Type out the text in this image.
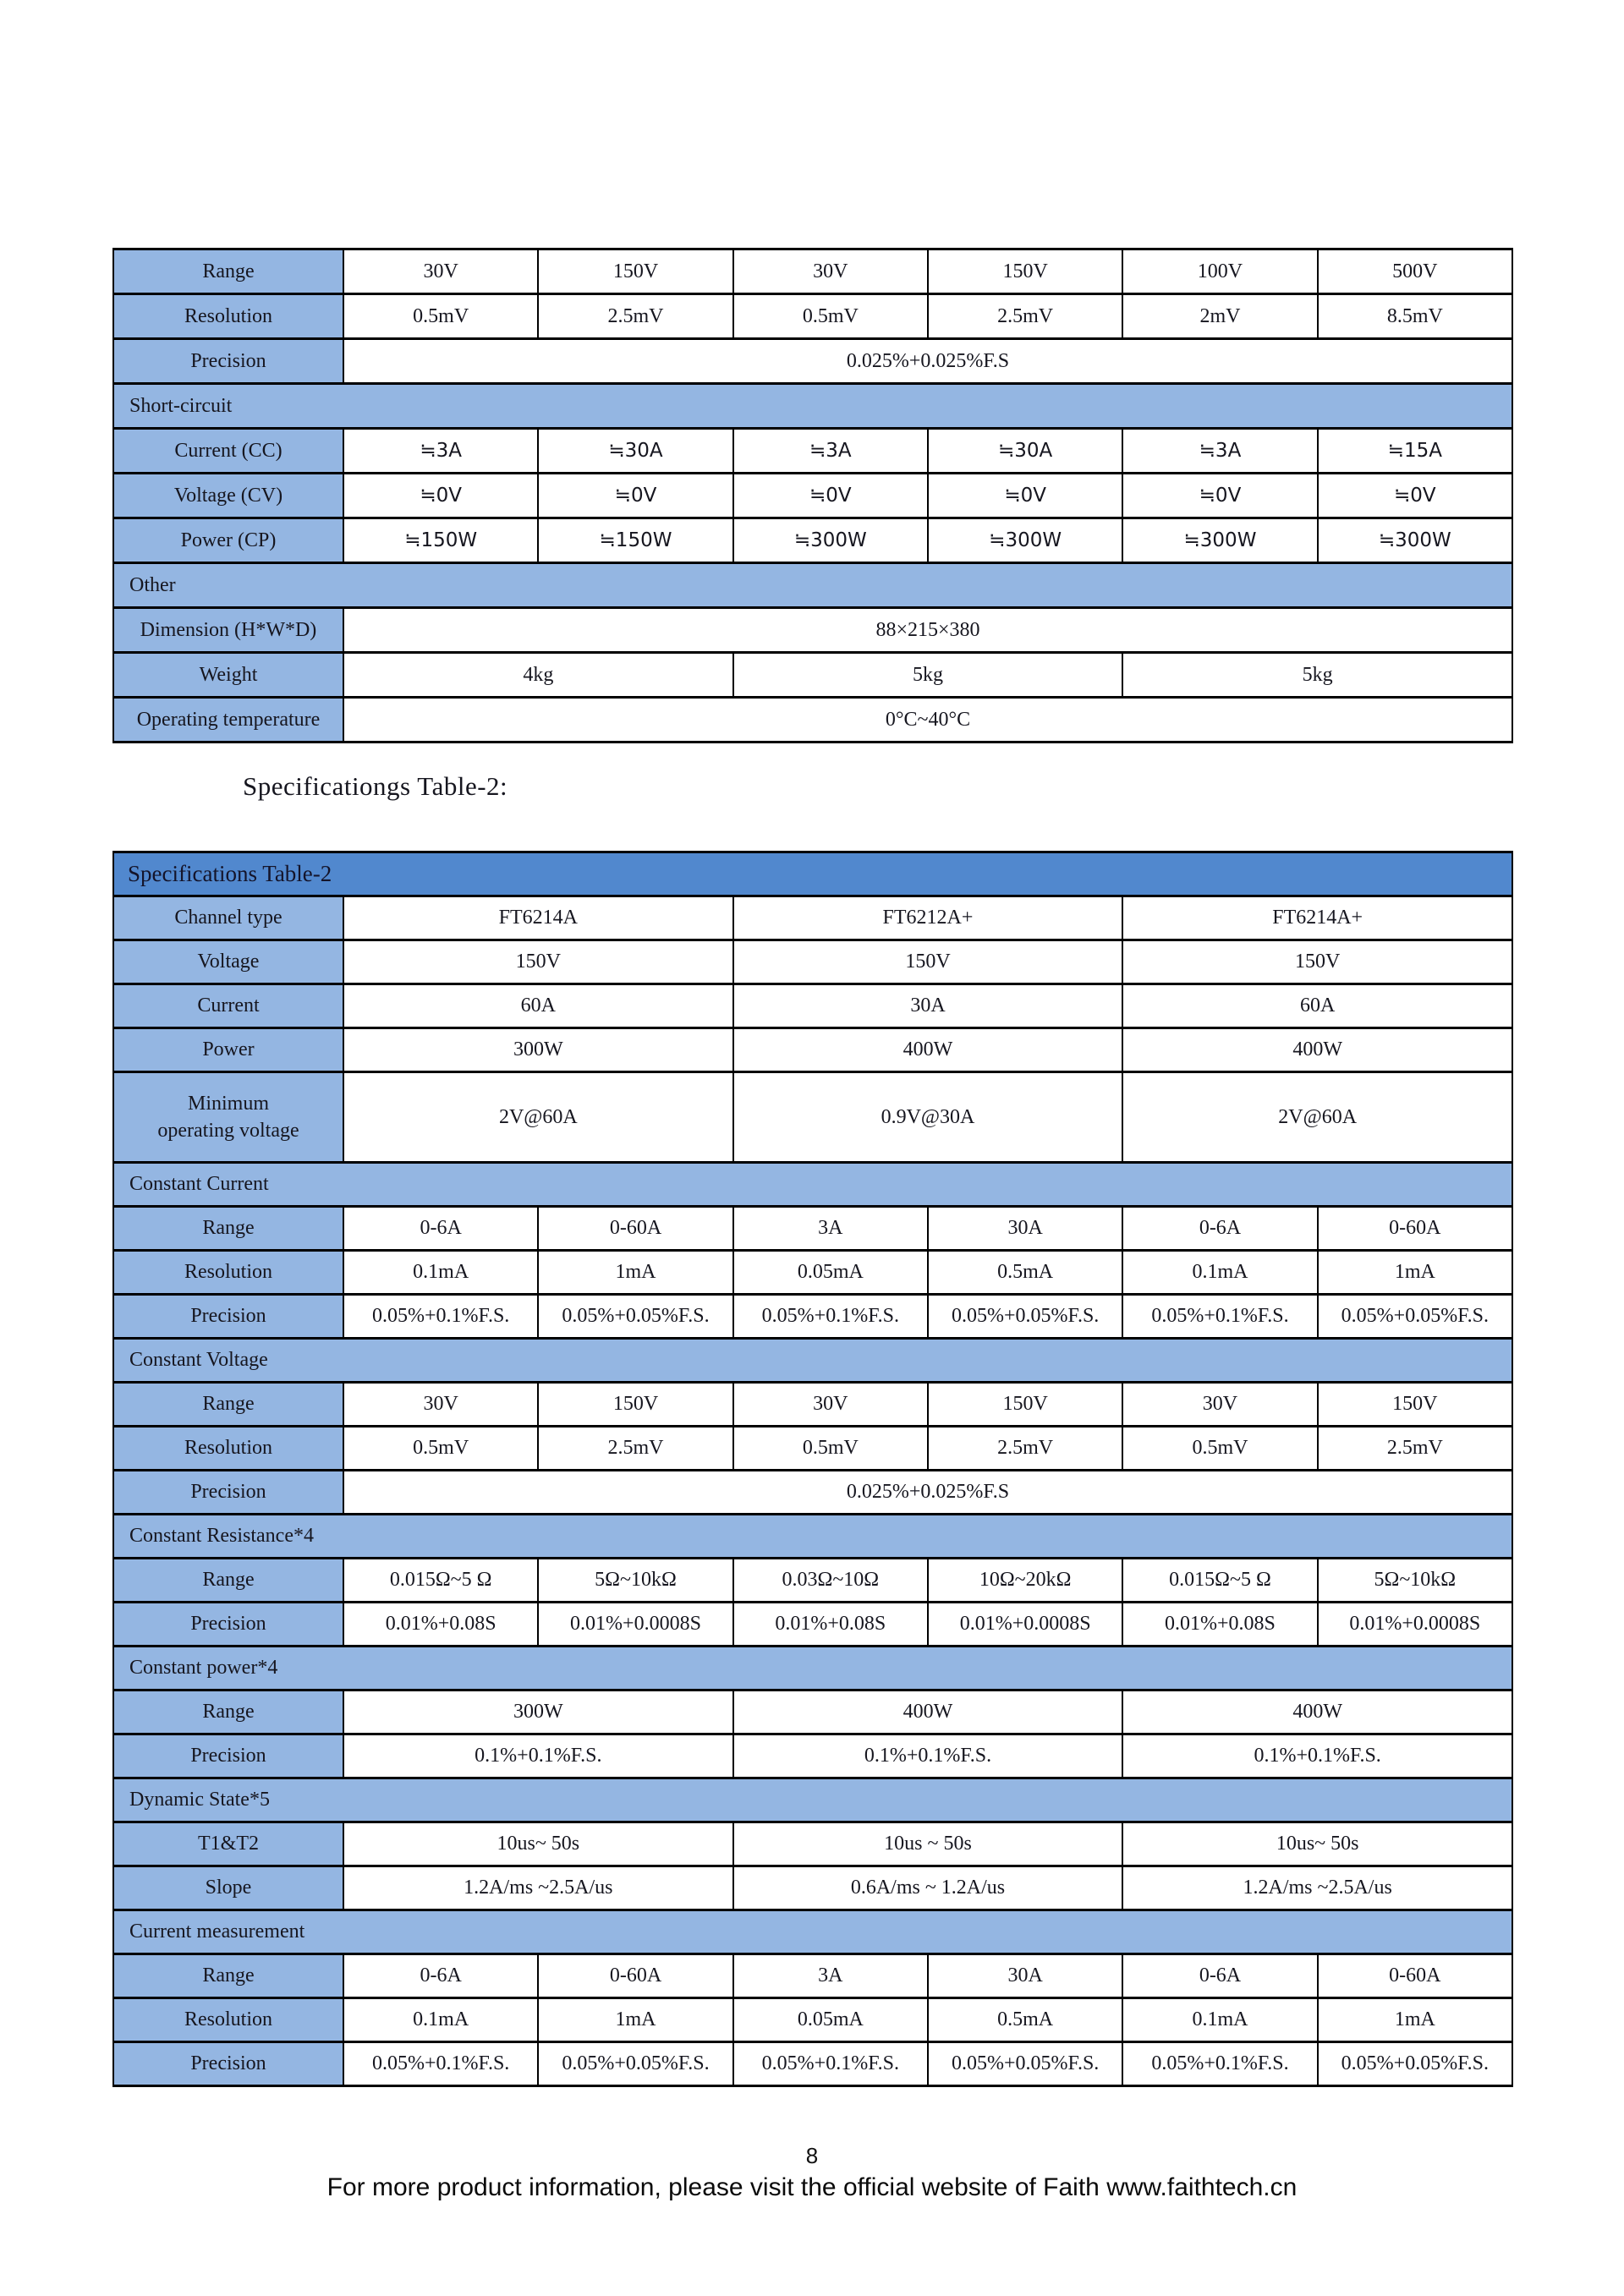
Range	30V	150V	30V	150V	100V	500V
Resolution	0.5mV	2.5mV	0.5mV	2.5mV	2mV	8.5mV
Precision	0.025%+0.025%F.S					
Short-circuit						
Current (CC)	≒3A	≒30A	≒3A	≒30A	≒3A	≒15A
Voltage (CV)	≒0V	≒0V	≒0V	≒0V	≒0V	≒0V
Power (CP)	≒150W	≒150W	≒300W	≒300W	≒300W	≒300W
Other						
Dimension (H*W*D)	88×215×380					
Weight	4kg		5kg		5kg	
Operating temperature	0°C~40°C					
Specificationgs Table-2:
Specifications Table-2						
Channel type	FT6214A		FT6212A+		FT6214A+	
Voltage	150V		150V		150V	
Current	60A		30A		60A	
Power	300W		400W		400W	

Minimum
operating voltage	2V@60A		0.9V@30A		2V@60A	
Constant Current						
Range	0-6A	0-60A	3A	30A	0-6A	0-60A
Resolution	0.1mA	1mA	0.05mA	0.5mA	0.1mA	1mA
Precision	0.05%+0.1%F.S.	0.05%+0.05%F.S.	0.05%+0.1%F.S.	0.05%+0.05%F.S.	0.05%+0.1%F.S.	0.05%+0.05%F.S.
Constant Voltage						
Range	30V	150V	30V	150V	30V	150V
Resolution	0.5mV	2.5mV	0.5mV	2.5mV	0.5mV	2.5mV
Precision	0.025%+0.025%F.S					
Constant Resistance*4						
Range	0.015Ω~5 Ω	5Ω~10kΩ	0.03Ω~10Ω	10Ω~20kΩ	0.015Ω~5 Ω	5Ω~10kΩ
Precision	0.01%+0.08S	0.01%+0.0008S	0.01%+0.08S	0.01%+0.0008S	0.01%+0.08S	0.01%+0.0008S
Constant power*4						
Range	300W		400W		400W	
Precision	0.1%+0.1%F.S.		0.1%+0.1%F.S.		0.1%+0.1%F.S.	
Dynamic State*5						
T1&T2	10us~ 50s		10us ~ 50s		10us~ 50s	
Slope	1.2A/ms ~2.5A/us		0.6A/ms ~ 1.2A/us		1.2A/ms ~2.5A/us	
Current measurement						
Range	0-6A	0-60A	3A	30A	0-6A	0-60A
Resolution	0.1mA	1mA	0.05mA	0.5mA	0.1mA	1mA
Precision	0.05%+0.1%F.S.	0.05%+0.05%F.S.	0.05%+0.1%F.S.	0.05%+0.05%F.S.	0.05%+0.1%F.S.	0.05%+0.05%F.S.
8
For more product information, please visit the official website of Faith www.faithtech.cn
